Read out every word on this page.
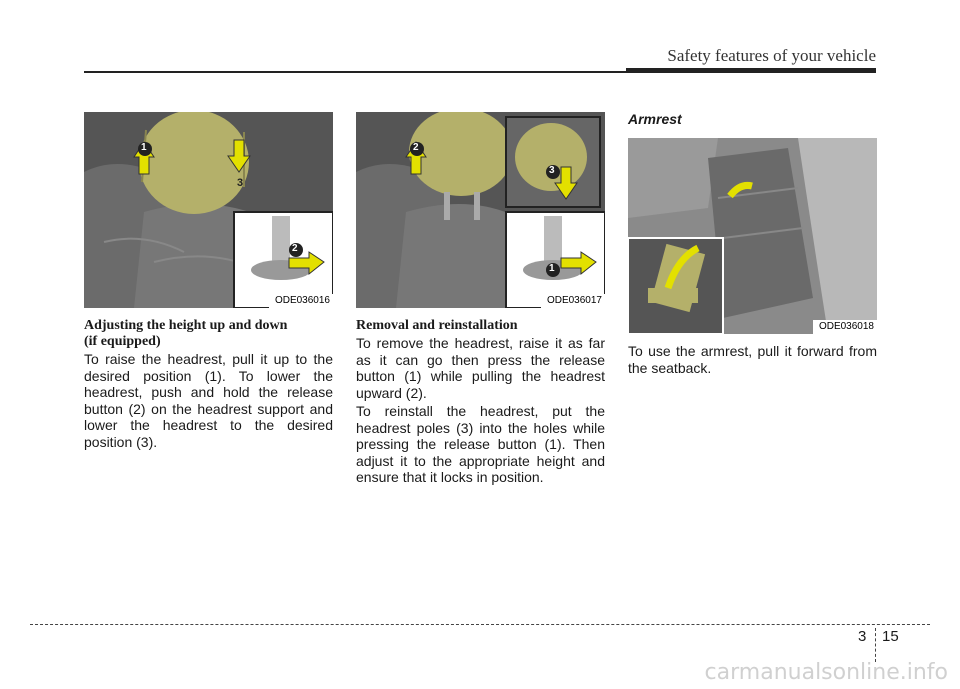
Safety features of your vehicle
1
2
3
ODE036016
1
2
3
ODE036017
ODE036018

Adjusting the height up and down

(if equipped)

To raise the headrest, pull it up to the desired position (1). To lower the headrest, push and hold the release button (2) on the headrest support and lower the headrest to the desired position (3).

Removal and reinstallation

To remove the headrest, raise it as far as it can go then press the release button (1) while pulling the headrest upward (2).

To reinstall the headrest, put the headrest poles (3) into the holes while pressing the release button (1). Then adjust it to the appropriate height and ensure that it locks in position.

Armrest

To use the armrest, pull it forward from the seatback.

3 15
carmanualsonline.info
